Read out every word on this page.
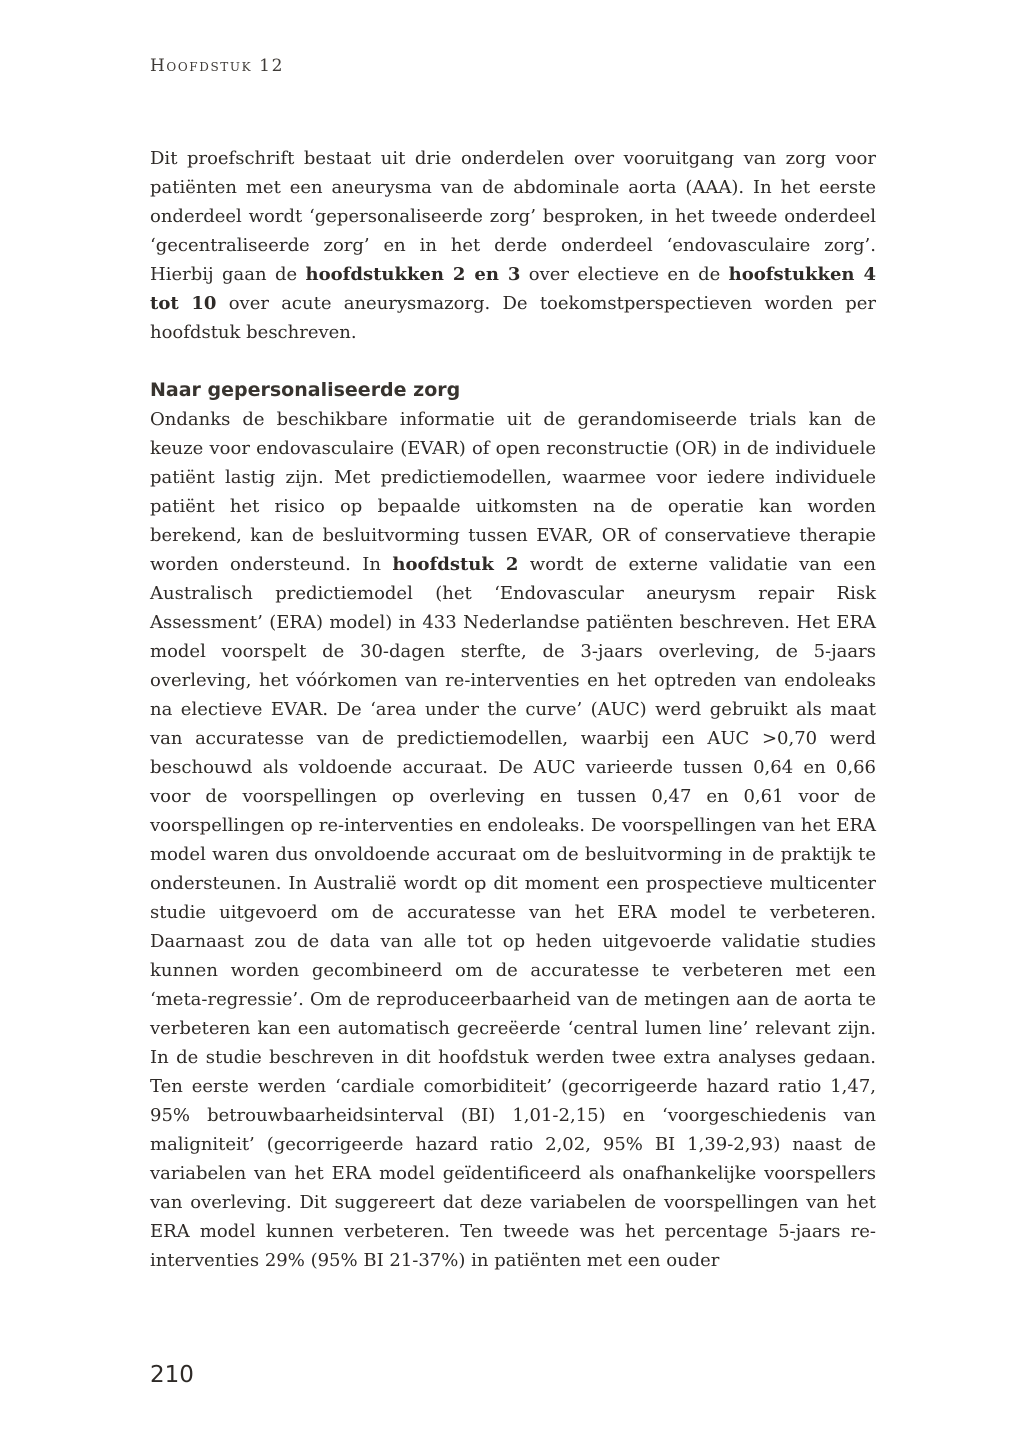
Hoofdstuk 12

Dit proefschrift bestaat uit drie onderdelen over vooruitgang van zorg voor patiënten met een aneurysma van de abdominale aorta (AAA). In het eerste onderdeel wordt ‘gepersonaliseerde zorg’ besproken, in het tweede onderdeel ‘gecentraliseerde zorg’ en in het derde onderdeel ‘endovasculaire zorg’. Hierbij gaan de hoofdstukken 2 en 3 over electieve en de hoofstukken 4 tot 10 over acute aneurysmazorg. De toekomstperspectieven worden per hoofdstuk beschreven.

Naar gepersonaliseerde zorg

Ondanks de beschikbare informatie uit de gerandomiseerde trials kan de keuze voor endovasculaire (EVAR) of open reconstructie (OR) in de individuele patiënt lastig zijn. Met predictiemodellen, waarmee voor iedere individuele patiënt het risico op bepaalde uitkomsten na de operatie kan worden berekend, kan de besluitvorming tussen EVAR, OR of conservatieve therapie worden ondersteund. In hoofdstuk 2 wordt de externe validatie van een Australisch predictiemodel (het ‘Endovascular aneurysm repair Risk Assessment’ (ERA) model) in 433 Nederlandse patiënten beschreven. Het ERA model voorspelt de 30-dagen sterfte, de 3-jaars overleving, de 5-jaars overleving, het vóórkomen van re-interventies en het optreden van endoleaks na electieve EVAR. De ‘area under the curve’ (AUC) werd gebruikt als maat van accuratesse van de predictiemodellen, waarbij een AUC >0,70 werd beschouwd als voldoende accuraat. De AUC varieerde tussen 0,64 en 0,66 voor de voorspellingen op overleving en tussen 0,47 en 0,61 voor de voorspellingen op re-interventies en endoleaks. De voorspellingen van het ERA model waren dus onvoldoende accuraat om de besluitvorming in de praktijk te ondersteunen. In Australië wordt op dit moment een prospectieve multicenter studie uitgevoerd om de accuratesse van het ERA model te verbeteren. Daarnaast zou de data van alle tot op heden uitgevoerde validatie studies kunnen worden gecombineerd om de accuratesse te verbeteren met een ‘meta-regressie’. Om de reproduceerbaarheid van de metingen aan de aorta te verbeteren kan een automatisch gecreëerde ‘central lumen line’ relevant zijn. In de studie beschreven in dit hoofdstuk werden twee extra analyses gedaan. Ten eerste werden ‘cardiale comorbiditeit’ (gecorrigeerde hazard ratio 1,47, 95% betrouwbaarheidsinterval (BI) 1,01-2,15) en ‘voorgeschiedenis van maligniteit’ (gecorrigeerde hazard ratio 2,02, 95% BI 1,39-2,93) naast de variabelen van het ERA model geïdentificeerd als onafhankelijke voorspellers van overleving. Dit suggereert dat deze variabelen de voorspellingen van het ERA model kunnen verbeteren. Ten tweede was het percentage 5-jaars re-interventies 29% (95% BI 21-37%) in patiënten met een ouder

210
